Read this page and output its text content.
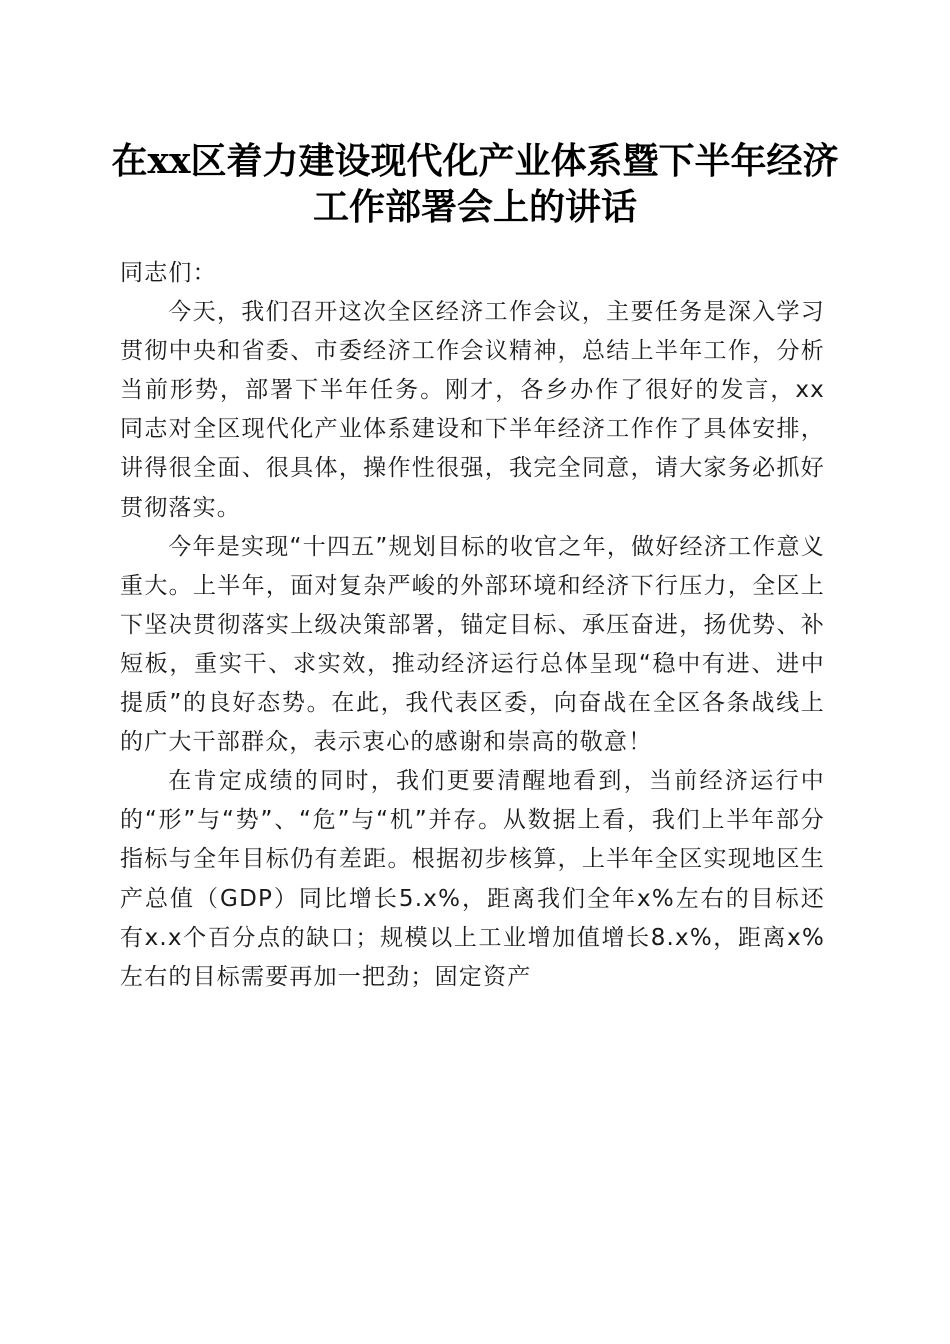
在xx区着力建设现代化产业体系暨下半年经济工作部署会上的讲话

同志们：

今天，我们召开这次全区经济工作会议，主要任务是深入学习贯彻中央和省委、市委经济工作会议精神，总结上半年工作，分析当前形势，部署下半年任务。刚才，各乡办作了很好的发言，xx同志对全区现代化产业体系建设和下半年经济工作作了具体安排，讲得很全面、很具体，操作性很强，我完全同意，请大家务必抓好贯彻落实。

今年是实现“十四五”规划目标的收官之年，做好经济工作意义重大。上半年，面对复杂严峻的外部环境和经济下行压力，全区上下坚决贯彻落实上级决策部署，锚定目标、承压奋进，扬优势、补短板，重实干、求实效，推动经济运行总体呈现“稳中有进、进中提质”的良好态势。在此，我代表区委，向奋战在全区各条战线上的广大干部群众，表示衷心的感谢和崇高的敬意！

在肯定成绩的同时，我们更要清醒地看到，当前经济运行中的“形”与“势”、“危”与“机”并存。从数据上看，我们上半年部分指标与全年目标仍有差距。根据初步核算，上半年全区实现地区生产总值（GDP）同比增长5.x%，距离我们全年x%左右的目标还有x.x个百分点的缺口；规模以上工业增加值增长8.x%，距离x%左右的目标需要再加一把劲；固定资产
